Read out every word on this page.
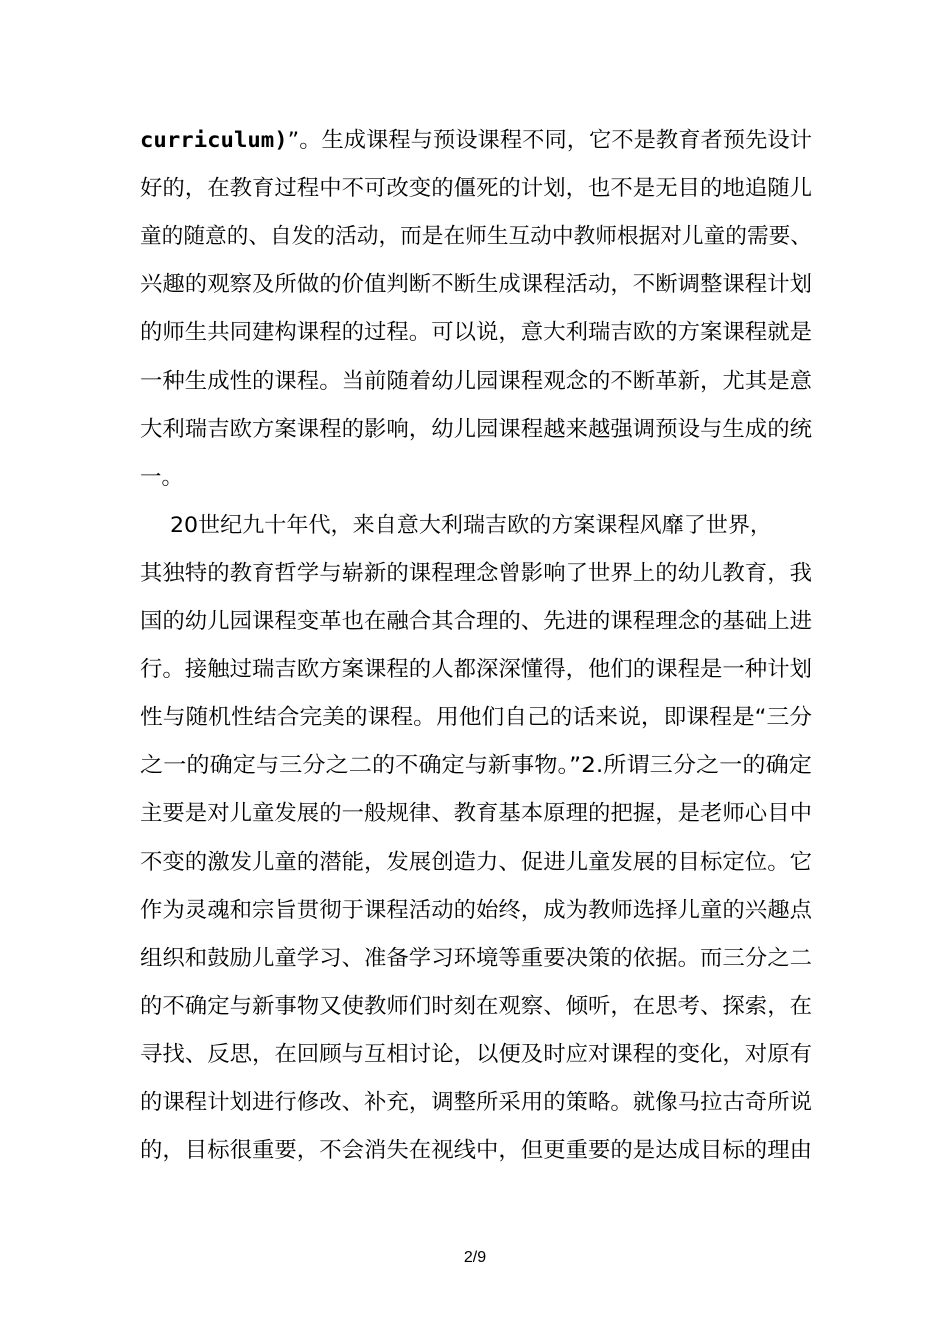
curriculum)”。生成课程与预设课程不同，它不是教育者预先设计
好的，在教育过程中不可改变的僵死的计划，也不是无目的地追随儿
童的随意的、自发的活动，而是在师生互动中教师根据对儿童的需要、
兴趣的观察及所做的价值判断不断生成课程活动，不断调整课程计划
的师生共同建构课程的过程。可以说，意大利瑞吉欧的方案课程就是
一种生成性的课程。当前随着幼儿园课程观念的不断革新，尤其是意
大利瑞吉欧方案课程的影响，幼儿园课程越来越强调预设与生成的统
一。
20世纪九十年代，来自意大利瑞吉欧的方案课程风靡了世界，
其独特的教育哲学与崭新的课程理念曾影响了世界上的幼儿教育，我
国的幼儿园课程变革也在融合其合理的、先进的课程理念的基础上进
行。接触过瑞吉欧方案课程的人都深深懂得，他们的课程是一种计划
性与随机性结合完美的课程。用他们自己的话来说，即课程是“三分
之一的确定与三分之二的不确定与新事物。”2.所谓三分之一的确定
主要是对儿童发展的一般规律、教育基本原理的把握，是老师心目中
不变的激发儿童的潜能，发展创造力、促进儿童发展的目标定位。它
作为灵魂和宗旨贯彻于课程活动的始终，成为教师选择儿童的兴趣点
组织和鼓励儿童学习、准备学习环境等重要决策的依据。而三分之二
的不确定与新事物又使教师们时刻在观察、倾听，在思考、探索，在
寻找、反思，在回顾与互相讨论，以便及时应对课程的变化，对原有
的课程计划进行修改、补充，调整所采用的策略。就像马拉古奇所说
的，目标很重要，不会消失在视线中，但更重要的是达成目标的理由
2/9
